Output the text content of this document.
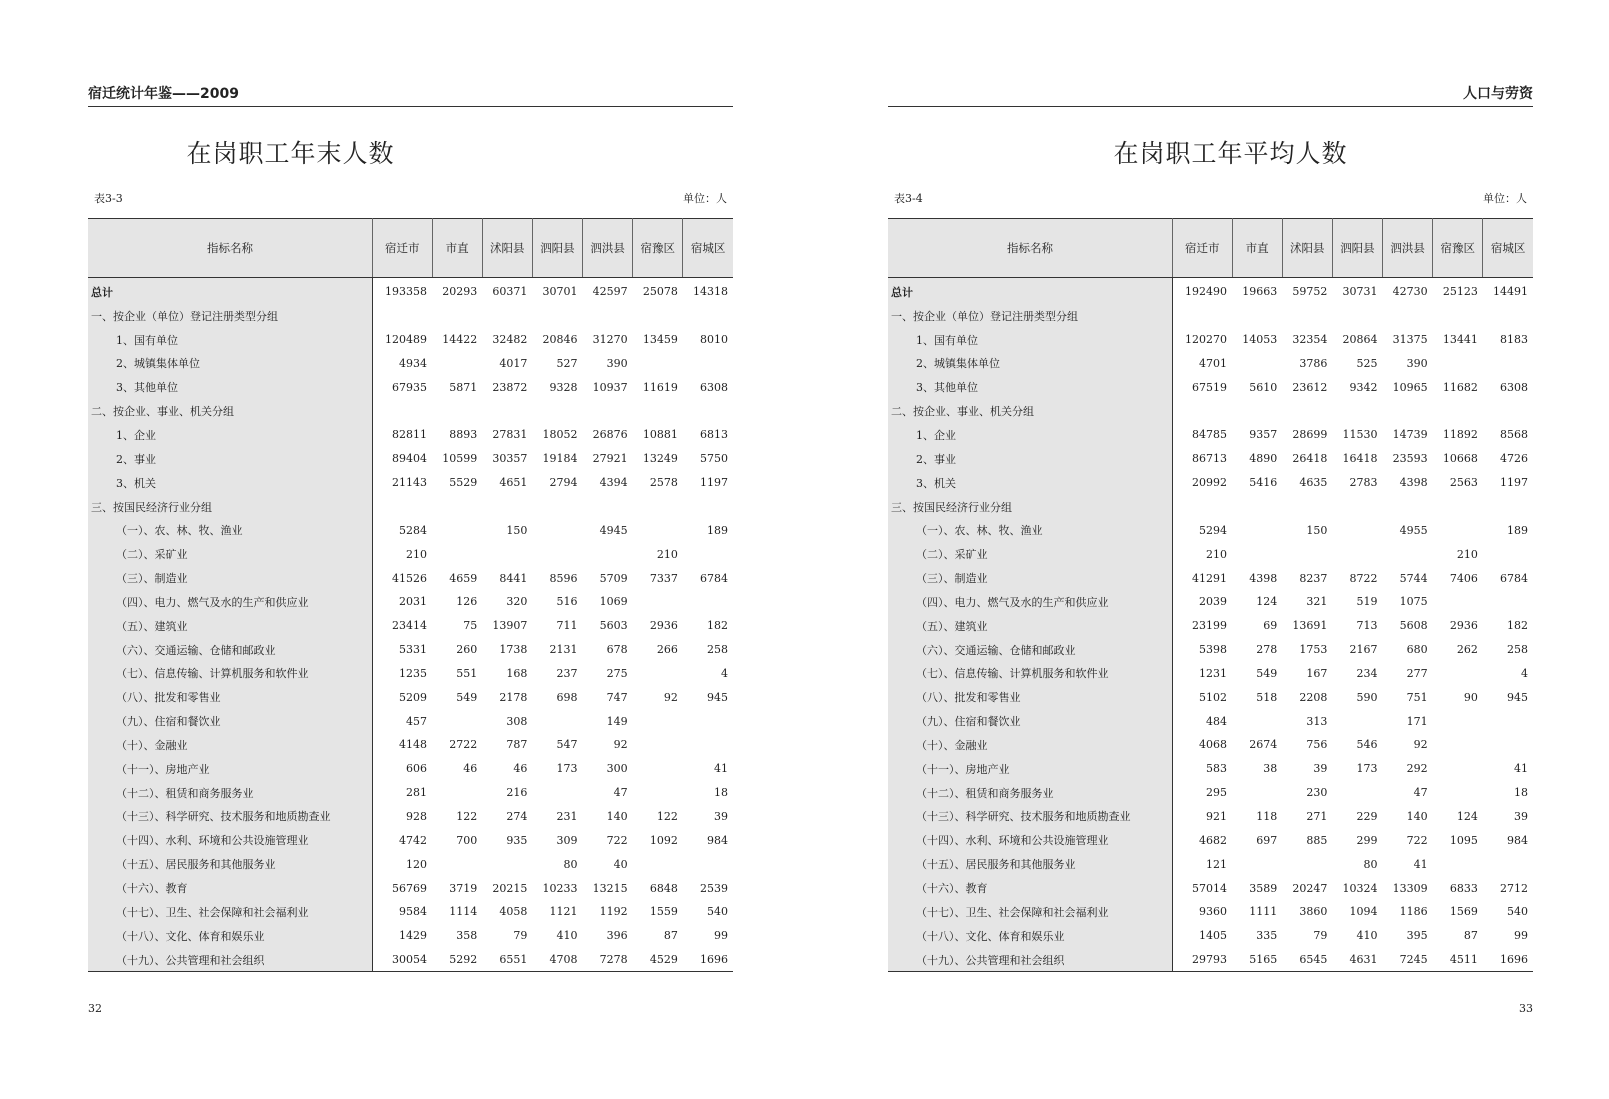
宿迁统计年鉴——2009
在岗职工年末人数
表3-3	单位：人
指标名称	宿迁市	市直	沭阳县	泗阳县	泗洪县	宿豫区	宿城区
总计	193358	20293	60371	30701	42597	25078	14318
一、按企业（单位）登记注册类型分组							
1、国有单位	120489	14422	32482	20846	31270	13459	8010
2、城镇集体单位	4934		4017	527	390		
3、其他单位	67935	5871	23872	9328	10937	11619	6308
二、按企业、事业、机关分组							
1、企业	82811	8893	27831	18052	26876	10881	6813
2、事业	89404	10599	30357	19184	27921	13249	5750
3、机关	21143	5529	4651	2794	4394	2578	1197
三、按国民经济行业分组							
（一）、农、林、牧、渔业	5284		150		4945		189
（二）、采矿业	210					210	
（三）、制造业	41526	4659	8441	8596	5709	7337	6784
（四）、电力、燃气及水的生产和供应业	2031	126	320	516	1069		
（五）、建筑业	23414	75	13907	711	5603	2936	182
（六）、交通运输、仓储和邮政业	5331	260	1738	2131	678	266	258
（七）、信息传输、计算机服务和软件业	1235	551	168	237	275		4
（八）、批发和零售业	5209	549	2178	698	747	92	945
（九）、住宿和餐饮业	457		308		149		
（十）、金融业	4148	2722	787	547	92		
（十一）、房地产业	606	46	46	173	300		41
（十二）、租赁和商务服务业	281		216		47		18
（十三）、科学研究、技术服务和地质勘查业	928	122	274	231	140	122	39
（十四）、水利、环境和公共设施管理业	4742	700	935	309	722	1092	984
（十五）、居民服务和其他服务业	120			80	40		
（十六）、教育	56769	3719	20215	10233	13215	6848	2539
（十七）、卫生、社会保障和社会福利业	9584	1114	4058	1121	1192	1559	540
（十八）、文化、体育和娱乐业	1429	358	79	410	396	87	99
（十九）、公共管理和社会组织	30054	5292	6551	4708	7278	4529	1696
32
人口与劳资
在岗职工年平均人数
表3-4	单位：人
指标名称	宿迁市	市直	沭阳县	泗阳县	泗洪县	宿豫区	宿城区
总计	192490	19663	59752	30731	42730	25123	14491
一、按企业（单位）登记注册类型分组							
1、国有单位	120270	14053	32354	20864	31375	13441	8183
2、城镇集体单位	4701		3786	525	390		
3、其他单位	67519	5610	23612	9342	10965	11682	6308
二、按企业、事业、机关分组							
1、企业	84785	9357	28699	11530	14739	11892	8568
2、事业	86713	4890	26418	16418	23593	10668	4726
3、机关	20992	5416	4635	2783	4398	2563	1197
三、按国民经济行业分组							
（一）、农、林、牧、渔业	5294		150		4955		189
（二）、采矿业	210					210	
（三）、制造业	41291	4398	8237	8722	5744	7406	6784
（四）、电力、燃气及水的生产和供应业	2039	124	321	519	1075		
（五）、建筑业	23199	69	13691	713	5608	2936	182
（六）、交通运输、仓储和邮政业	5398	278	1753	2167	680	262	258
（七）、信息传输、计算机服务和软件业	1231	549	167	234	277		4
（八）、批发和零售业	5102	518	2208	590	751	90	945
（九）、住宿和餐饮业	484		313		171		
（十）、金融业	4068	2674	756	546	92		
（十一）、房地产业	583	38	39	173	292		41
（十二）、租赁和商务服务业	295		230		47		18
（十三）、科学研究、技术服务和地质勘查业	921	118	271	229	140	124	39
（十四）、水利、环境和公共设施管理业	4682	697	885	299	722	1095	984
（十五）、居民服务和其他服务业	121			80	41		
（十六）、教育	57014	3589	20247	10324	13309	6833	2712
（十七）、卫生、社会保障和社会福利业	9360	1111	3860	1094	1186	1569	540
（十八）、文化、体育和娱乐业	1405	335	79	410	395	87	99
（十九）、公共管理和社会组织	29793	5165	6545	4631	7245	4511	1696
33
